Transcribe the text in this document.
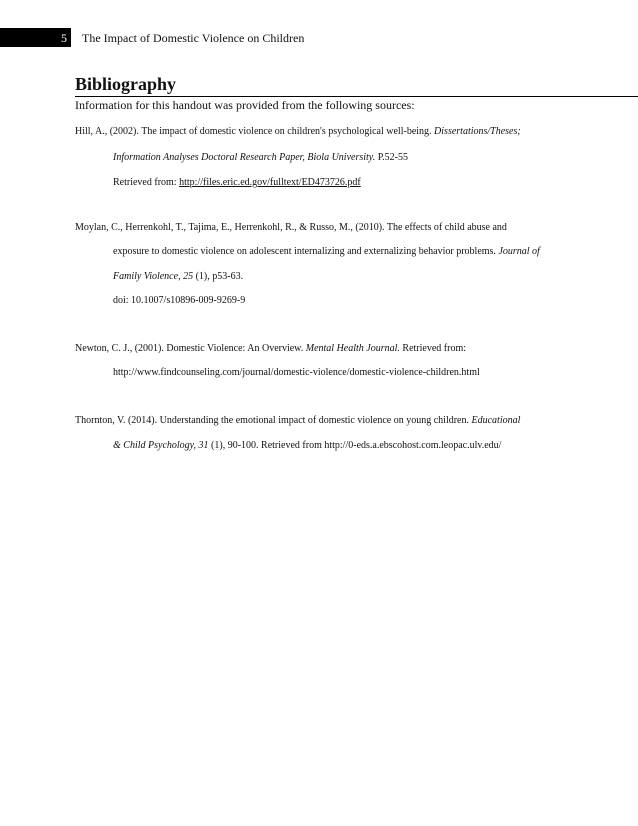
5 The Impact of Domestic Violence on Children
Bibliography
Information for this handout was provided from the following sources:
Hill, A., (2002). The impact of domestic violence on children's psychological well-being. Dissertations/Theses;
Information Analyses Doctoral Research Paper, Biola University. P.52-55
Retrieved from: http://files.eric.ed.gov/fulltext/ED473726.pdf
Moylan, C., Herrenkohl, T., Tajima, E., Herrenkohl, R., & Russo, M., (2010). The effects of child abuse and
exposure to domestic violence on adolescent internalizing and externalizing behavior problems. Journal of
Family Violence, 25 (1), p53-63.
doi: 10.1007/s10896-009-9269-9
Newton, C. J., (2001). Domestic Violence: An Overview. Mental Health Journal. Retrieved from:
http://www.findcounseling.com/journal/domestic-violence/domestic-violence-children.html
Thornton, V. (2014). Understanding the emotional impact of domestic violence on young children. Educational
& Child Psychology, 31 (1), 90-100. Retrieved from http://0-eds.a.ebscohost.com.leopac.ulv.edu/
